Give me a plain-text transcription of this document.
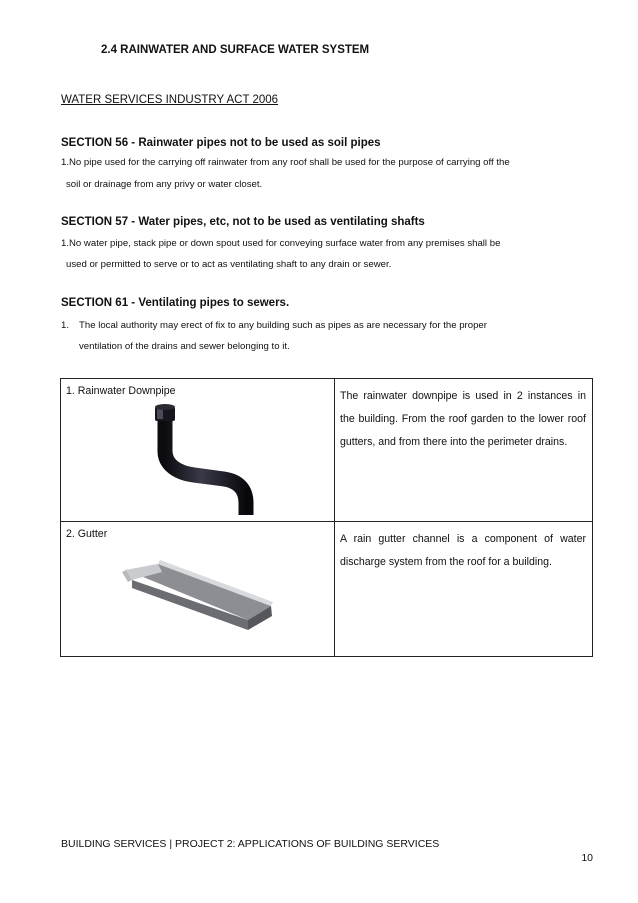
2.4 RAINWATER AND SURFACE WATER SYSTEM
WATER SERVICES INDUSTRY ACT 2006
SECTION 56 - Rainwater pipes not to be used as soil pipes
1.No pipe used for the carrying off rainwater from any roof shall be used for the purpose of carrying off the
soil or drainage from any privy or water closet.
SECTION 57 - Water pipes, etc, not to be used as ventilating shafts
1.No water pipe, stack pipe or down spout used for conveying surface water from any premises shall be
used or permitted to serve or to act as ventilating shaft to any drain or sewer.
SECTION 61 - Ventilating pipes to sewers.
1. The local authority may erect of fix to any building such as pipes as are necessary for the proper
ventilation of the drains and sewer belonging to it.
1. Rainwater Downpipe	The rainwater downpipe is used in 2 instances in the building. From the roof garden to the lower roof gutters, and from there into the perimeter drains.
2. Gutter	A rain gutter channel is a component of water discharge system from the roof for a building.
BUILDING SERVICES | PROJECT 2: APPLICATIONS OF BUILDING SERVICES
10
